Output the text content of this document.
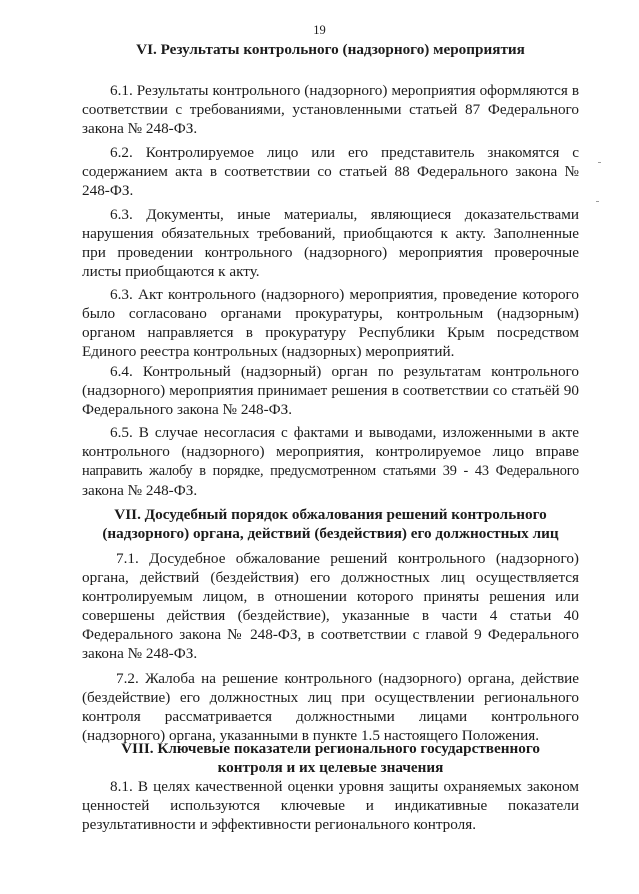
19

VI. Результаты контрольного (надзорного) мероприятия

6.1. Результаты контрольного (надзорного) мероприятия оформляются в соответствии с требованиями, установленными статьей 87 Федерального закона № 248-ФЗ.

6.2. Контролируемое лицо или его представитель знакомятся с содержанием акта в соответствии со статьей 88 Федерального закона № 248-ФЗ.

6.3. Документы, иные материалы, являющиеся доказательствами нарушения обязательных требований, приобщаются к акту. Заполненные при проведении контрольного (надзорного) мероприятия проверочные листы приобщаются к акту.

6.3. Акт контрольного (надзорного) мероприятия, проведение которого было согласовано органами прокуратуры, контрольным (надзорным) органом направляется в прокуратуру Республики Крым посредством Единого реестра контрольных (надзорных) мероприятий.

6.4. Контрольный (надзорный) орган по результатам контрольного (надзорного) мероприятия принимает решения в соответствии со статьёй 90 Федерального закона № 248-ФЗ.

6.5. В случае несогласия с фактами и выводами, изложенными в акте контрольного (надзорного) мероприятия, контролируемое лицо вправе направить жалобу в порядке, предусмотренном статьями 39 - 43 Федерального закона № 248-ФЗ.

VII. Досудебный порядок обжалования решений контрольного

(надзорного) органа, действий (бездействия) его должностных лиц

7.1. Досудебное обжалование решений контрольного (надзорного) органа, действий (бездействия) его должностных лиц осуществляется контролируемым лицом, в отношении которого приняты решения или совершены действия (бездействие), указанные в части 4 статьи 40 Федерального закона № 248-ФЗ, в соответствии с главой 9 Федерального закона № 248-ФЗ.

7.2. Жалоба на решение контрольного (надзорного) органа, действие (бездействие) его должностных лиц при осуществлении регионального контроля рассматривается должностными лицами контрольного (надзорного) органа, указанными в пункте 1.5 настоящего Положения.

VIII. Ключевые показатели регионального государственного

контроля и их целевые значения

8.1. В целях качественной оценки уровня защиты охраняемых законом ценностей используются ключевые и индикативные показатели результативности и эффективности регионального контроля.
